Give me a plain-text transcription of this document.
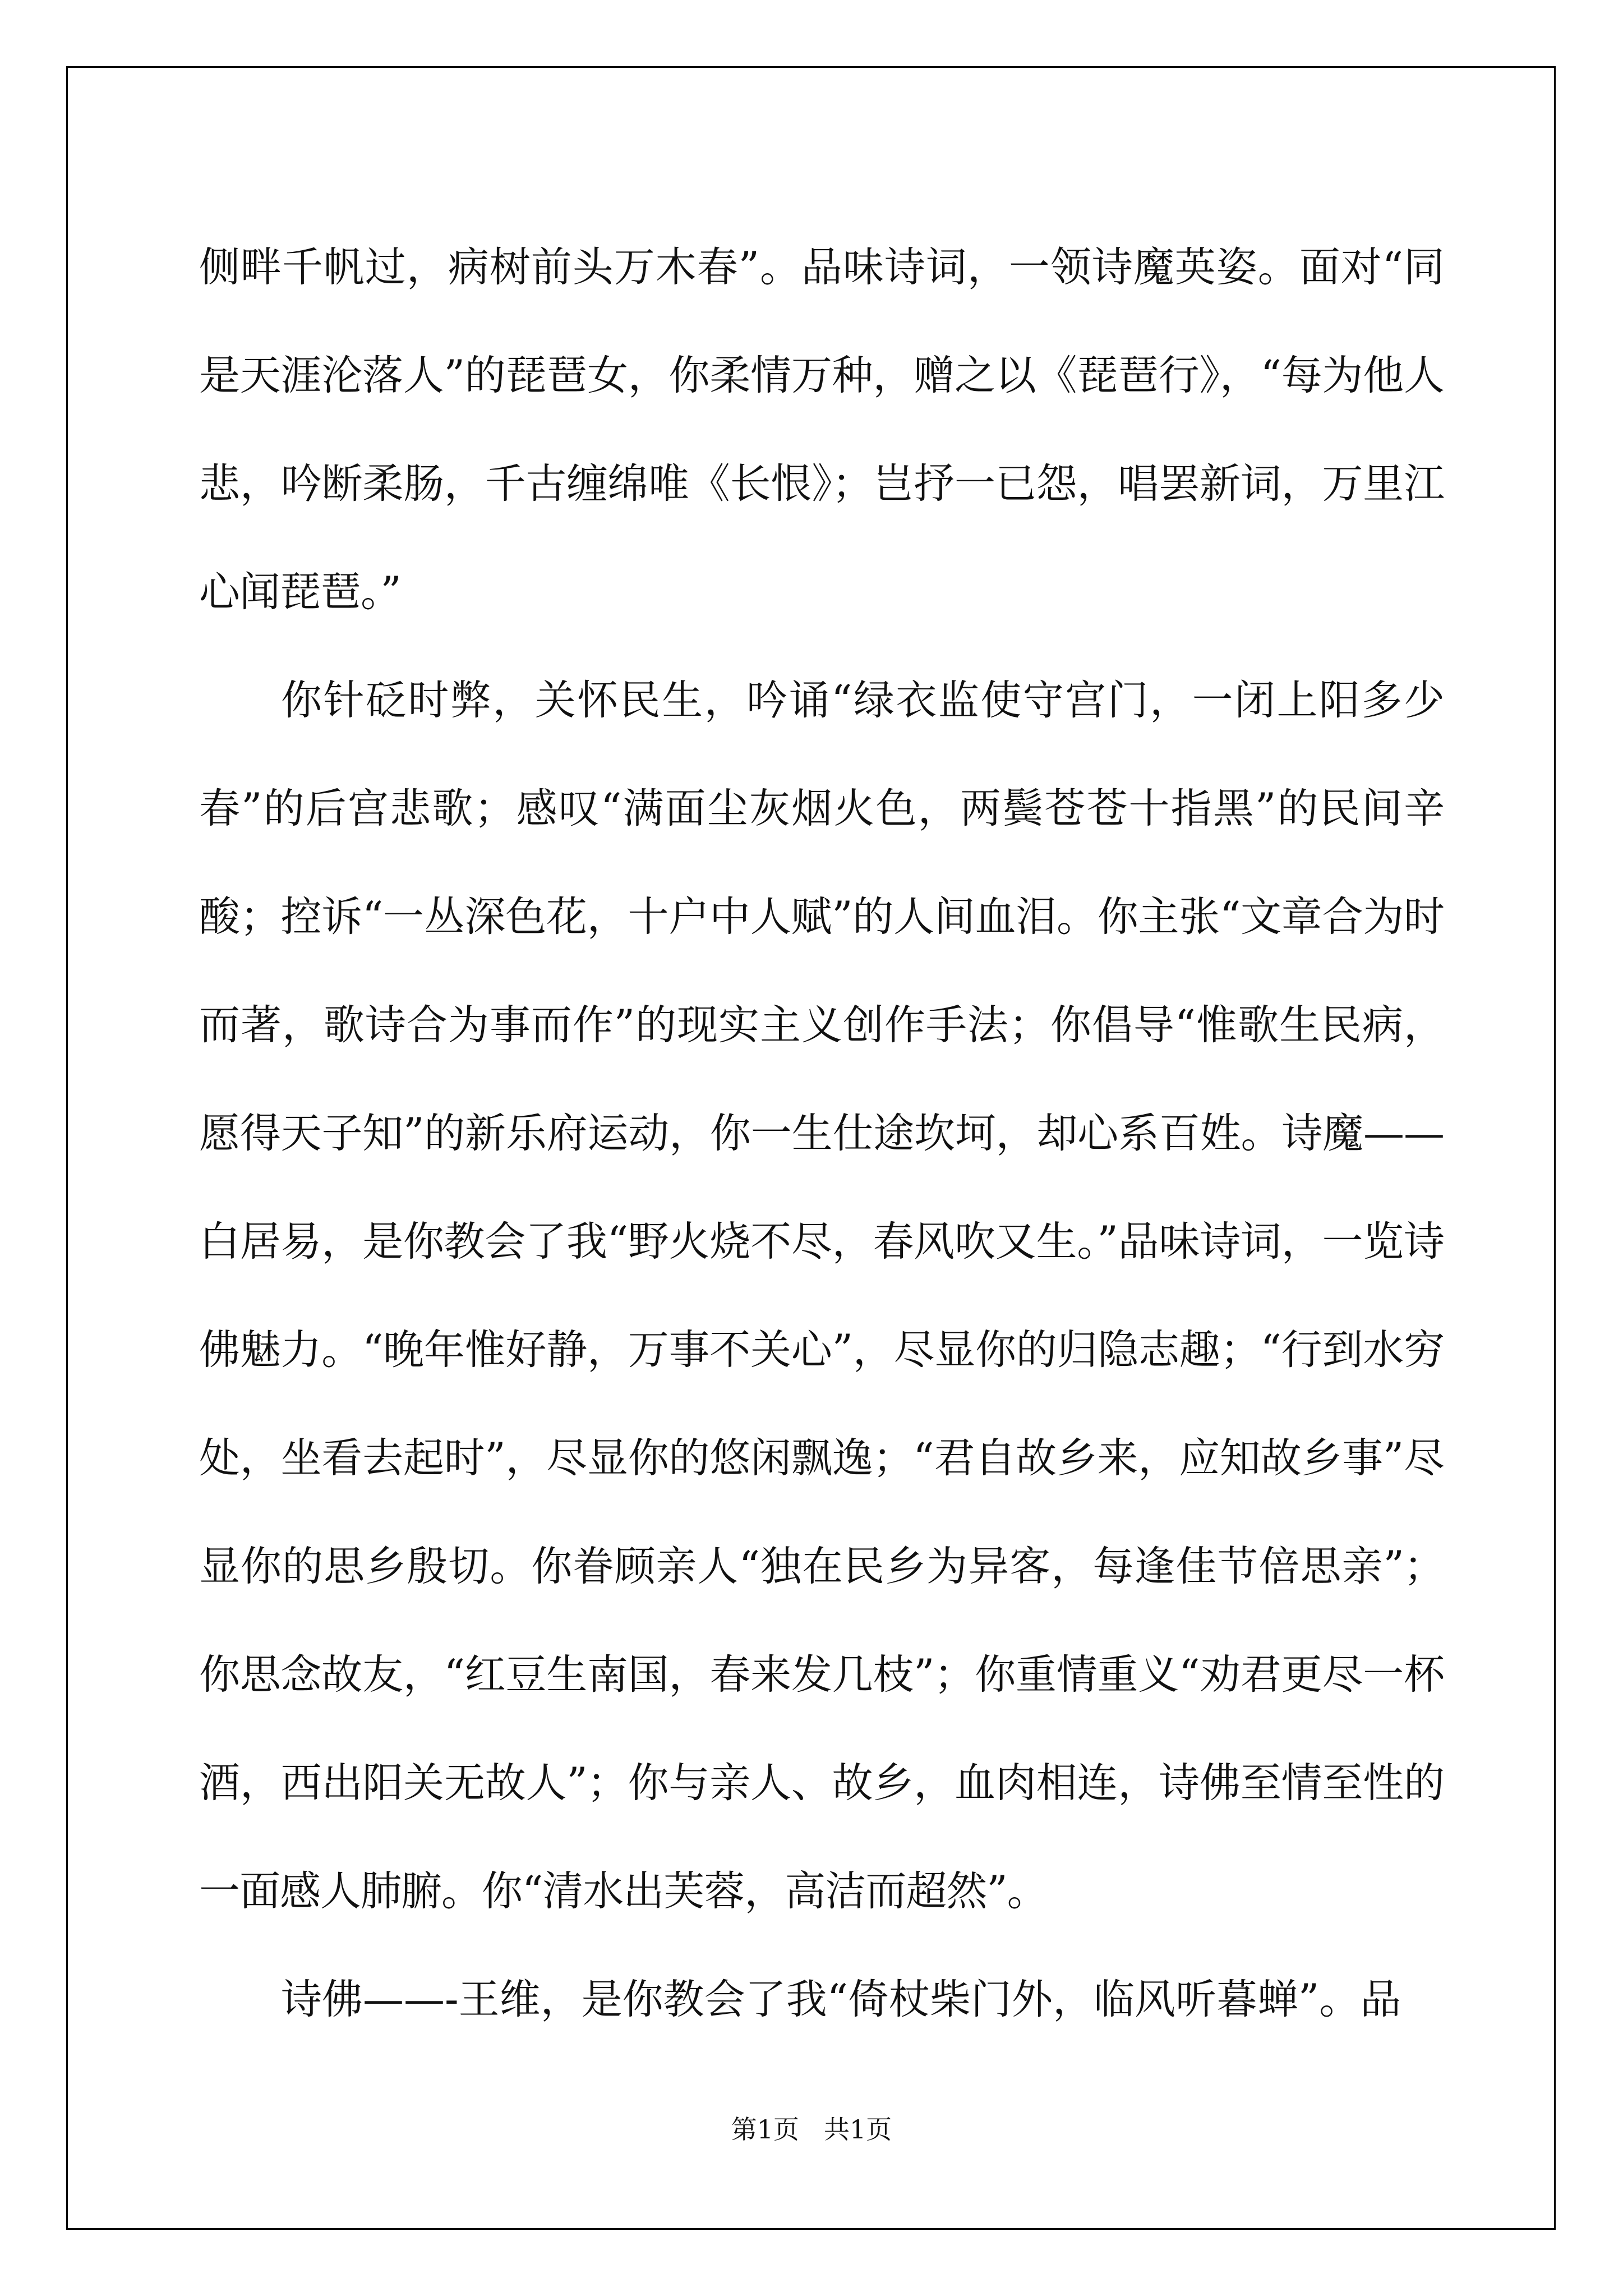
侧畔千帆过，病树前头万木春”。品味诗词，一领诗魔英姿。面对“同是天涯沦落人”的琵琶女，你柔情万种，赠之以《琵琶行》，“每为他人悲，吟断柔肠，千古缠绵唯《长恨》；岂抒一已怨，唱罢新词，万里江心闻琵琶。”

你针砭时弊，关怀民生，吟诵“绿衣监使守宫门，一闭上阳多少春”的后宫悲歌；感叹“满面尘灰烟火色，两鬓苍苍十指黑”的民间辛酸；控诉“一丛深色花，十户中人赋”的人间血泪。你主张“文章合为时而著，歌诗合为事而作”的现实主义创作手法；你倡导“惟歌生民病，愿得天子知”的新乐府运动，你一生仕途坎坷，却心系百姓。诗魔——白居易，是你教会了我“野火烧不尽，春风吹又生。”品味诗词，一览诗佛魅力。“晚年惟好静，万事不关心”，尽显你的归隐志趣；“行到水穷处，坐看去起时”，尽显你的悠闲飘逸；“君自故乡来，应知故乡事”尽显你的思乡殷切。你眷顾亲人“独在民乡为异客，每逢佳节倍思亲”；你思念故友，“红豆生南国，春来发几枝”；你重情重义“劝君更尽一杯酒，西出阳关无故人”；你与亲人、故乡，血肉相连，诗佛至情至性的一面感人肺腑。你“清水出芙蓉，高洁而超然”。

诗佛——-王维，是你教会了我“倚杖柴门外，临风听暮蝉”。品

第1页 共1页
